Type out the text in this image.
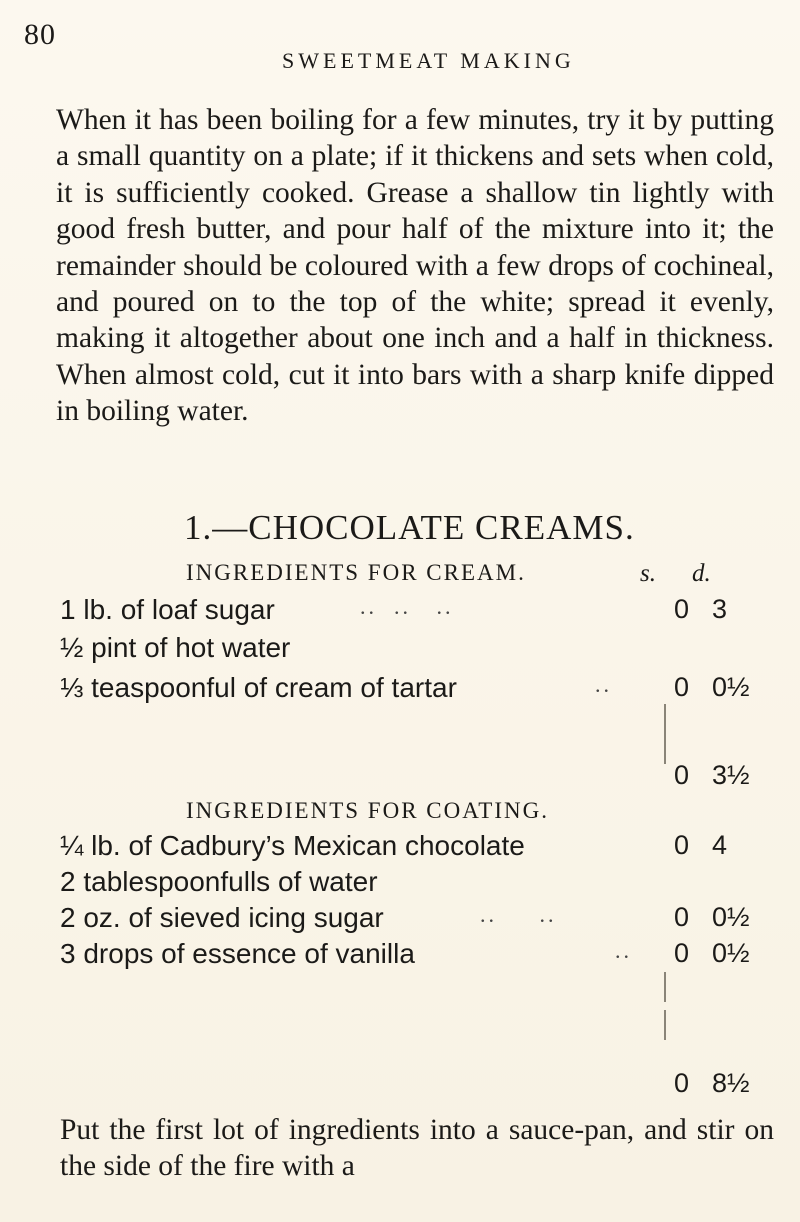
80
SWEETMEAT MAKING

When it has been boiling for a few minutes, try it by putting a small quantity on a plate; if it thickens and sets when cold, it is sufficiently cooked. Grease a shallow tin lightly with good fresh butter, and pour half of the mixture into it; the remainder should be coloured with a few drops of cochineal, and poured on to the top of the white; spread it evenly, making it altogether about one inch and a half in thickness. When almost cold, cut it into bars with a sharp knife dipped in boiling water.

1.—CHOCOLATE CREAMS.
INGREDIENTS FOR CREAM.	s. d.
1 lb. of loaf sugar	..  ..   ..	0 3
½ pint of hot water
⅓ teaspoonful of cream of tartar	.. 0 0½
0 3½
INGREDIENTS FOR COATING.
¼ lb. of Cadbury’s Mexican chocolate	0 4
2 tablespoonfulls of water
2 oz. of sieved icing sugar	..     ..	0 0½
3 drops of essence of vanilla	.. 0 0½
0 8½

Put the first lot of ingredients into a sauce-pan, and stir on the side of the fire with a
